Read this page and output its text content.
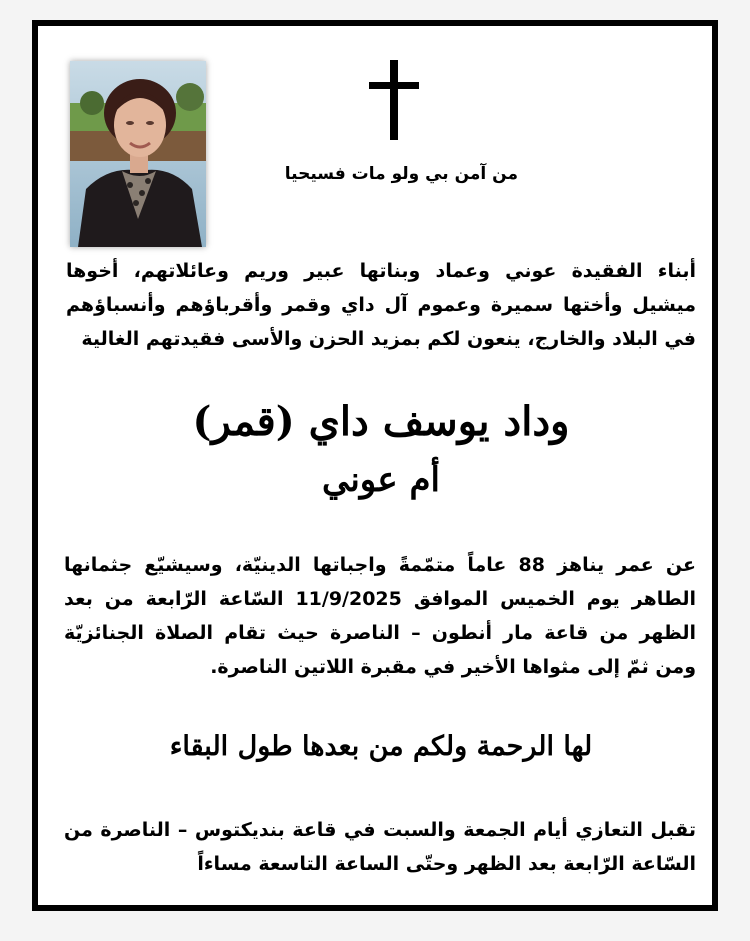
من آمن بي ولو مات فسيحيا
أبناء الفقيدة عوني وعماد وبناتها عبير وريم وعائلاتهم، أخوها ميشيل وأختها سميرة وعموم آل داي وقمر وأقرباؤهم وأنسباؤهم في البلاد والخارج، ينعون لكم بمزيد الحزن والأسى فقيدتهم الغالية
وداد يوسف داي (قمر)
أم عوني
عن عمر يناهز 88 عاماً متمّمةً واجباتها الدينيّة، وسيشيّع جثمانها الطاهر يوم الخميس الموافق 11/9/2025 السّاعة الرّابعة من بعد الظهر من قاعة مار أنطون – الناصرة حيث تقام الصلاة الجنائزيّة ومن ثمّ إلى مثواها الأخير في مقبرة اللاتين الناصرة.
لها الرحمة ولكم من بعدها طول البقاء
تقبل التعازي أيام الجمعة والسبت في قاعة بنديكتوس – الناصرة من السّاعة الرّابعة بعد الظهر وحتّى الساعة التاسعة مساءاً
